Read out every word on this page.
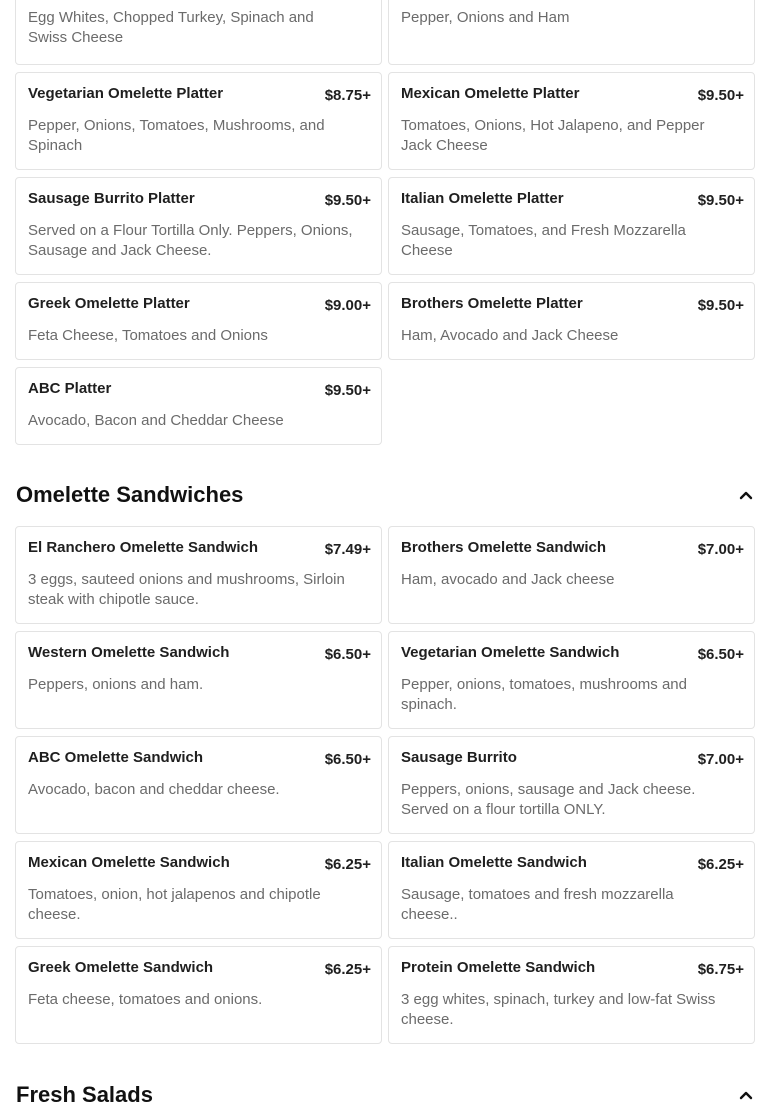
Egg Whites, Chopped Turkey, Spinach and Swiss Cheese
Pepper, Onions and Ham
Vegetarian Omelette Platter	$8.75+
Pepper, Onions, Tomatoes, Mushrooms, and Spinach
Mexican Omelette Platter	$9.50+
Tomatoes, Onions, Hot Jalapeno, and Pepper Jack Cheese
Sausage Burrito Platter	$9.50+
Served on a Flour Tortilla Only. Peppers, Onions, Sausage and Jack Cheese.
Italian Omelette Platter	$9.50+
Sausage, Tomatoes, and Fresh Mozzarella Cheese
Greek Omelette Platter	$9.00+
Feta Cheese, Tomatoes and Onions
Brothers Omelette Platter	$9.50+
Ham, Avocado and Jack Cheese
ABC Platter	$9.50+
Avocado, Bacon and Cheddar Cheese
Omelette Sandwiches
El Ranchero Omelette Sandwich	$7.49+
3 eggs, sauteed onions and mushrooms, Sirloin steak with chipotle sauce.
Brothers Omelette Sandwich	$7.00+
Ham, avocado and Jack cheese
Western Omelette Sandwich	$6.50+
Peppers, onions and ham.
Vegetarian Omelette Sandwich	$6.50+
Pepper, onions, tomatoes, mushrooms and spinach.
ABC Omelette Sandwich	$6.50+
Avocado, bacon and cheddar cheese.
Sausage Burrito	$7.00+
Peppers, onions, sausage and Jack cheese. Served on a flour tortilla ONLY.
Mexican Omelette Sandwich	$6.25+
Tomatoes, onion, hot jalapenos and chipotle cheese.
Italian Omelette Sandwich	$6.25+
Sausage, tomatoes and fresh mozzarella cheese..
Greek Omelette Sandwich	$6.25+
Feta cheese, tomatoes and onions.
Protein Omelette Sandwich	$6.75+
3 egg whites, spinach, turkey and low-fat Swiss cheese.
Fresh Salads
